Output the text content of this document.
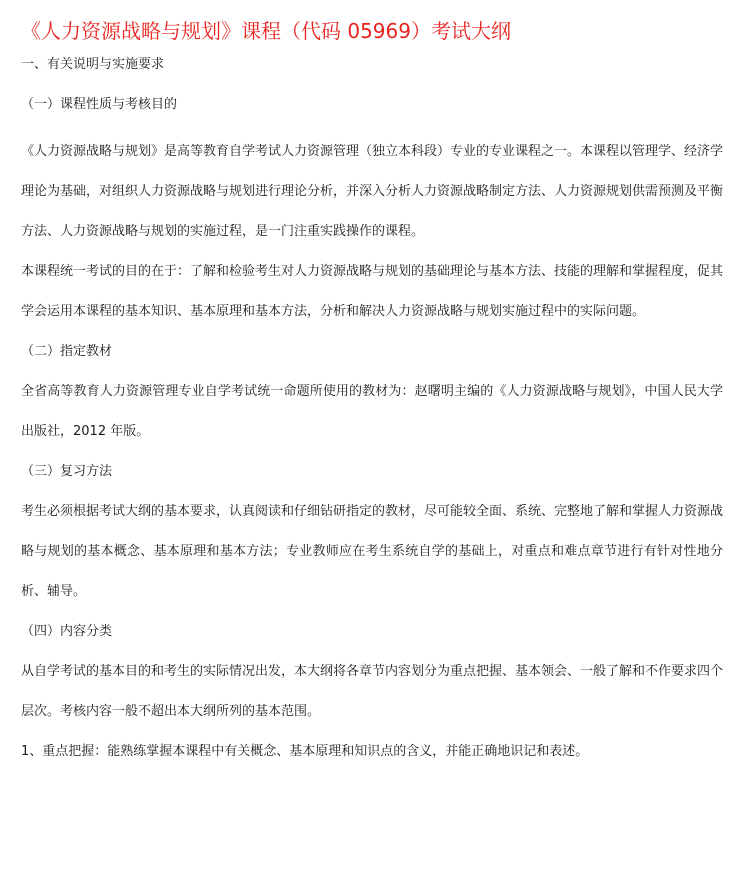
《人力资源战略与规划》课程（代码 05969）考试大纲

一、有关说明与实施要求

（一）课程性质与考核目的

《人力资源战略与规划》是高等教育自学考试人力资源管理（独立本科段）专业的专业课程之一。本课程以管理学、经济学理论为基础，对组织人力资源战略与规划进行理论分析，并深入分析人力资源战略制定方法、人力资源规划供需预测及平衡方法、人力资源战略与规划的实施过程，是一门注重实践操作的课程。

本课程统一考试的目的在于：了解和检验考生对人力资源战略与规划的基础理论与基本方法、技能的理解和掌握程度，促其学会运用本课程的基本知识、基本原理和基本方法，分析和解决人力资源战略与规划实施过程中的实际问题。

（二）指定教材

全省高等教育人力资源管理专业自学考试统一命题所使用的教材为：赵曙明主编的《人力资源战略与规划》，中国人民大学出版社，2012 年版。

（三）复习方法

考生必须根据考试大纲的基本要求，认真阅读和仔细钻研指定的教材，尽可能较全面、系统、完整地了解和掌握人力资源战略与规划的基本概念、基本原理和基本方法；专业教师应在考生系统自学的基础上，对重点和难点章节进行有针对性地分析、辅导。

（四）内容分类

从自学考试的基本目的和考生的实际情况出发，本大纲将各章节内容划分为重点把握、基本领会、一般了解和不作要求四个层次。考核内容一般不超出本大纲所列的基本范围。

1、重点把握：能熟练掌握本课程中有关概念、基本原理和知识点的含义，并能正确地识记和表述。
